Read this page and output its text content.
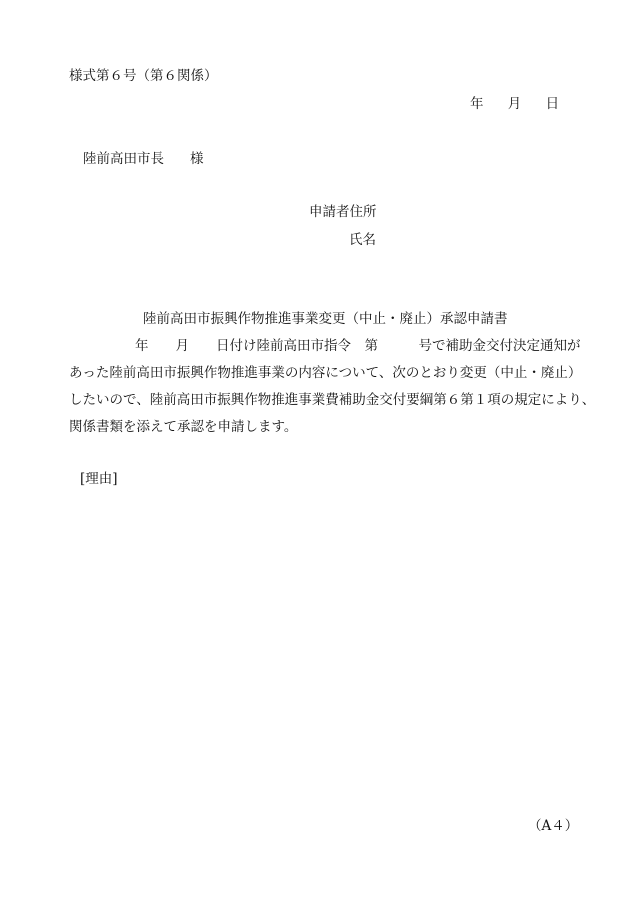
様式第６号（第６関係）
年 月 日
陸前高田市長 様
申請者住所
氏名
陸前高田市振興作物推進事業変更（中止・廃止）承認申請書
年　　月　　日付け陸前高田市指令　第　　　号で補助金交付決定通知が
あった陸前高田市振興作物推進事業の内容について、次のとおり変更（中止・廃止）
したいので、陸前高田市振興作物推進事業費補助金交付要綱第６第１項の規定により、
関係書類を添えて承認を申請します。
[理由]
（A４）
